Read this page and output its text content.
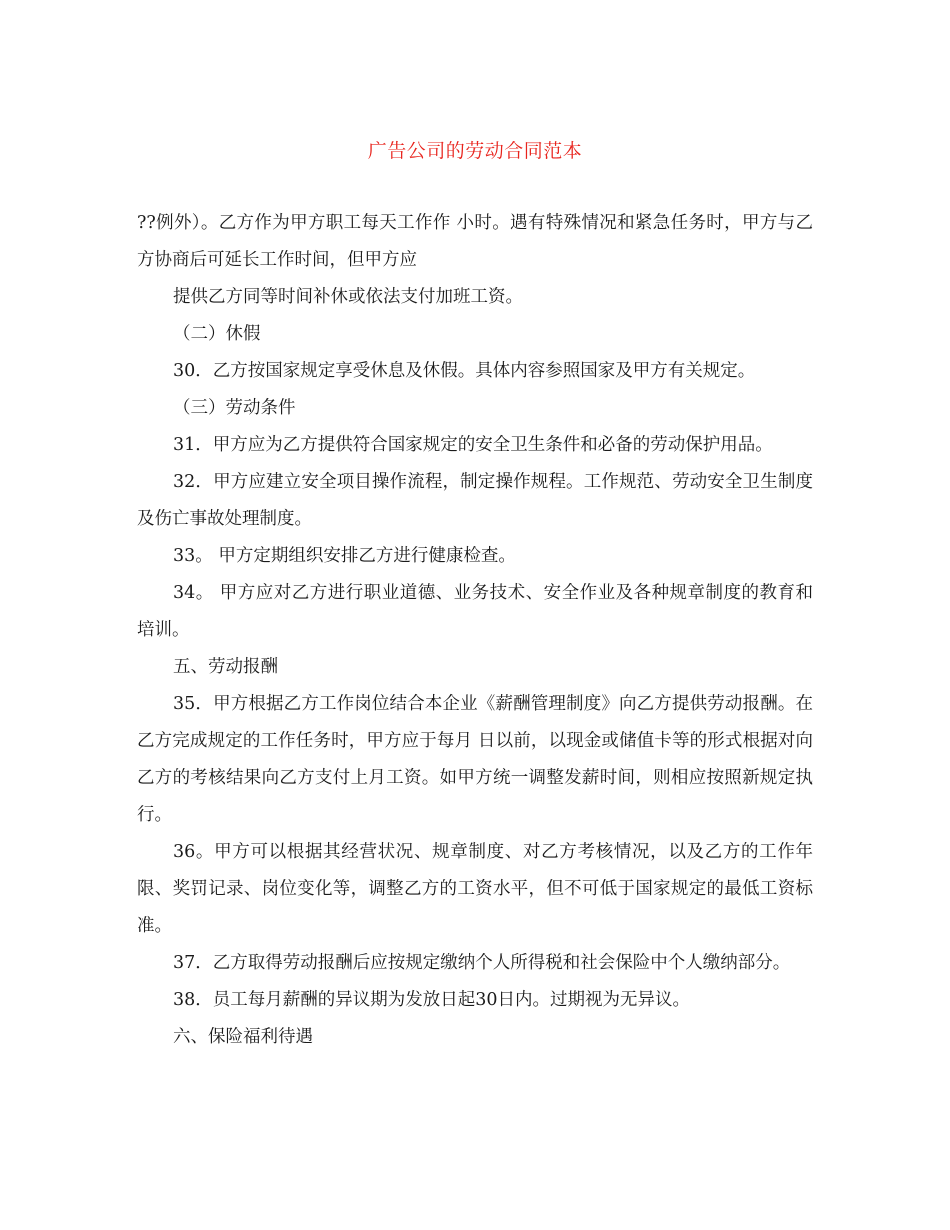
广告公司的劳动合同范本

??例外）。乙方作为甲方职工每天工作作 小时。遇有特殊情况和紧急任务时，甲方与乙方协商后可延长工作时间，但甲方应

提供乙方同等时间补休或依法支付加班工资。

（二）休假

30．乙方按国家规定享受休息及休假。具体内容参照国家及甲方有关规定。

（三）劳动条件

31．甲方应为乙方提供符合国家规定的安全卫生条件和必备的劳动保护用品。

32．甲方应建立安全项目操作流程，制定操作规程。工作规范、劳动安全卫生制度及伤亡事故处理制度。

33。 甲方定期组织安排乙方进行健康检查。

34。 甲方应对乙方进行职业道德、业务技术、安全作业及各种规章制度的教育和培训。

五、劳动报酬

35．甲方根据乙方工作岗位结合本企业《薪酬管理制度》向乙方提供劳动报酬。在乙方完成规定的工作任务时，甲方应于每月 日以前，以现金或储值卡等的形式根据对向乙方的考核结果向乙方支付上月工资。如甲方统一调整发薪时间，则相应按照新规定执行。

36。甲方可以根据其经营状况、规章制度、对乙方考核情况，以及乙方的工作年限、奖罚记录、岗位变化等，调整乙方的工资水平，但不可低于国家规定的最低工资标准。

37．乙方取得劳动报酬后应按规定缴纳个人所得税和社会保险中个人缴纳部分。

38．员工每月薪酬的异议期为发放日起30日内。过期视为无异议。

六、保险福利待遇
